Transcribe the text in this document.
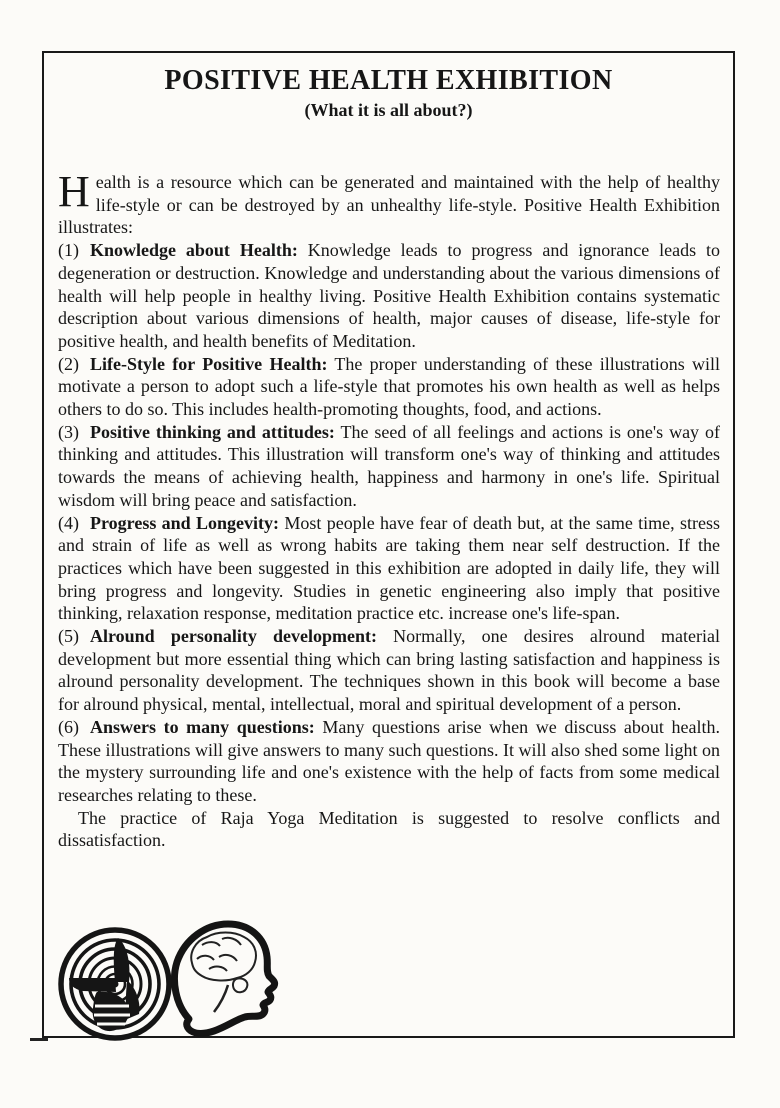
POSITIVE HEALTH EXHIBITION
(What it is all about?)

Health is a resource which can be generated and maintained with the help of healthy life-style or can be destroyed by an unhealthy life-style. Positive Health Exhibition illustrates:

(1) Knowledge about Health: Knowledge leads to progress and ignorance leads to degeneration or destruction. Knowledge and understanding about the various dimensions of health will help people in healthy living. Positive Health Exhibition contains systematic description about various dimensions of health, major causes of disease, life-style for positive health, and health benefits of Meditation.

(2) Life-Style for Positive Health: The proper understanding of these illustrations will motivate a person to adopt such a life-style that promotes his own health as well as helps others to do so. This includes health-promoting thoughts, food, and actions.

(3) Positive thinking and attitudes: The seed of all feelings and actions is one's way of thinking and attitudes. This illustration will transform one's way of thinking and attitudes towards the means of achieving health, happiness and harmony in one's life. Spiritual wisdom will bring peace and satisfaction.

(4) Progress and Longevity: Most people have fear of death but, at the same time, stress and strain of life as well as wrong habits are taking them near self destruction. If the practices which have been suggested in this exhibition are adopted in daily life, they will bring progress and longevity. Studies in genetic engineering also imply that positive thinking, relaxation response, meditation practice etc. increase one's life-span.

(5) Alround personality development: Normally, one desires alround material development but more essential thing which can bring lasting satisfaction and happiness is alround personality development. The techniques shown in this book will become a base for alround physical, mental, intellectual, moral and spiritual development of a person.

(6) Answers to many questions: Many questions arise when we discuss about health. These illustrations will give answers to many such questions. It will also shed some light on the mystery surrounding life and one's existence with the help of facts from some medical researches relating to these.

The practice of Raja Yoga Meditation is suggested to resolve conflicts and dissatisfaction.
